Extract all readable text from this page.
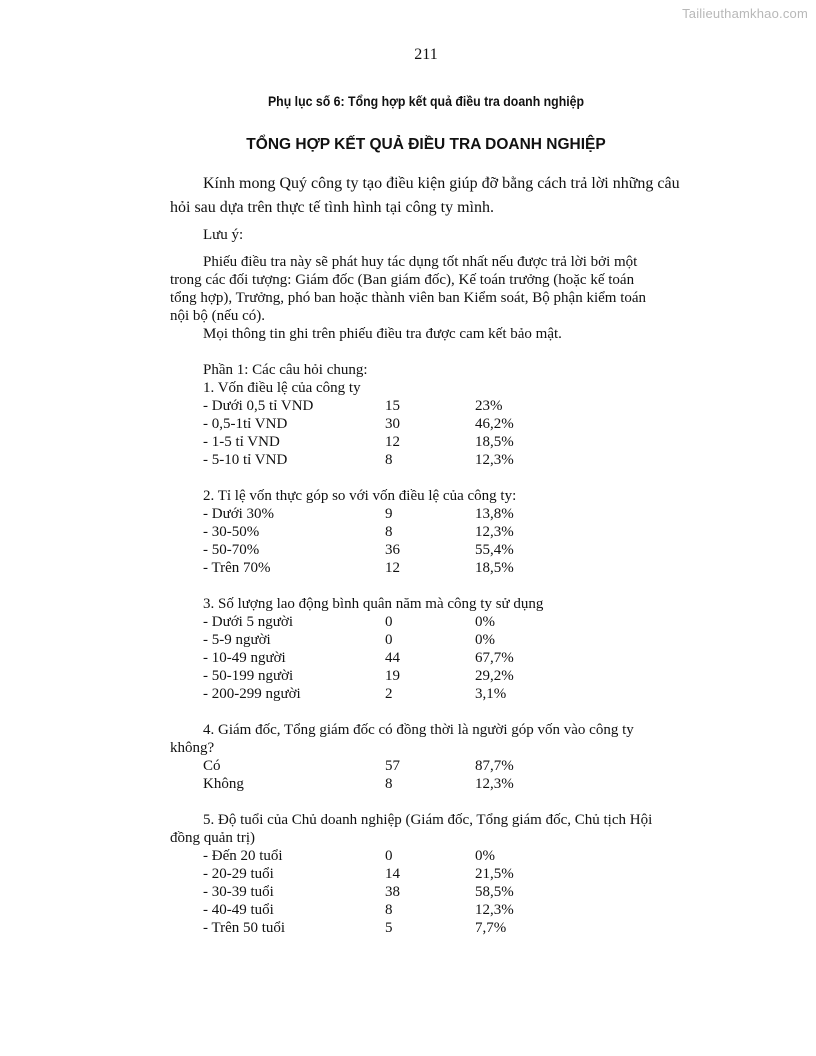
Tailieuthamkhao.com
211
Phụ lục số 6: Tổng hợp kết quả điều tra doanh nghiệp
TỔNG HỢP KẾT QUẢ ĐIỀU TRA DOANH NGHIỆP
Kính mong Quý công ty tạo điều kiện giúp đỡ bằng cách trả lời những câu
hỏi sau dựa trên thực tế tình hình tại công ty mình.
Lưu ý:
Phiếu điều tra này sẽ phát huy tác dụng tốt nhất nếu được trả lời bởi một
trong các đối tượng: Giám đốc (Ban giám đốc), Kế toán trưởng (hoặc kế toán
tổng hợp), Trưởng, phó ban hoặc thành viên ban Kiểm soát, Bộ phận kiểm toán
nội bộ (nếu có).
Mọi thông tin ghi trên phiếu điều tra được cam kết bảo mật.
Phần 1: Các câu hỏi chung:
1. Vốn điều lệ của công ty
- Dưới 0,5 tỉ VND	15	23%
- 0,5-1tỉ VND	30	46,2%
- 1-5 tỉ VND	12	18,5%
- 5-10 tỉ VND	8	12,3%
2. Tỉ lệ vốn thực góp so với vốn điều lệ của công ty:
- Dưới 30%	9	13,8%
- 30-50%	8	12,3%
- 50-70%	36	55,4%
- Trên 70%	12	18,5%
3. Số lượng lao động bình quân năm mà công ty sử dụng
- Dưới 5 người	0	0%
- 5-9 người	0	0%
- 10-49 người	44	67,7%
- 50-199 người	19	29,2%
- 200-299 người	2	3,1%
4. Giám đốc, Tổng giám đốc có đồng thời là người góp vốn vào công ty
không?
Có	57	87,7%
Không	8	12,3%
5. Độ tuổi của Chủ doanh nghiệp (Giám đốc, Tổng giám đốc, Chủ tịch Hội
đồng quản trị)
- Đến 20 tuổi	0	0%
- 20-29 tuổi	14	21,5%
- 30-39 tuổi	38	58,5%
- 40-49 tuổi	8	12,3%
- Trên 50 tuổi	5	7,7%
